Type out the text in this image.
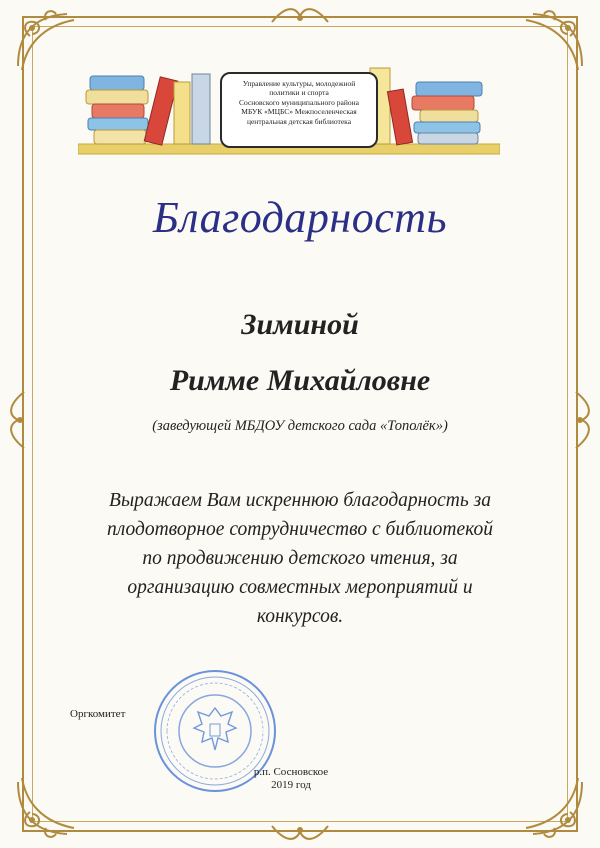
Управление культуры, молодежной
политики и спорта
Сосновского муниципального района
МБУК «МЦБС» Межпоселенческая
центральная детская библиотека
Благодарность
Зиминой
Римме Михайловне
(заведующей МБДОУ детского сада «Тополёк»)
Выражаем Вам искреннюю благодарность за
плодотворное сотрудничество с библиотекой
по продвижению детского чтения, за
организацию совместных мероприятий и
конкурсов.
Оргкомитет
р.п. Сосновское
2019 год
